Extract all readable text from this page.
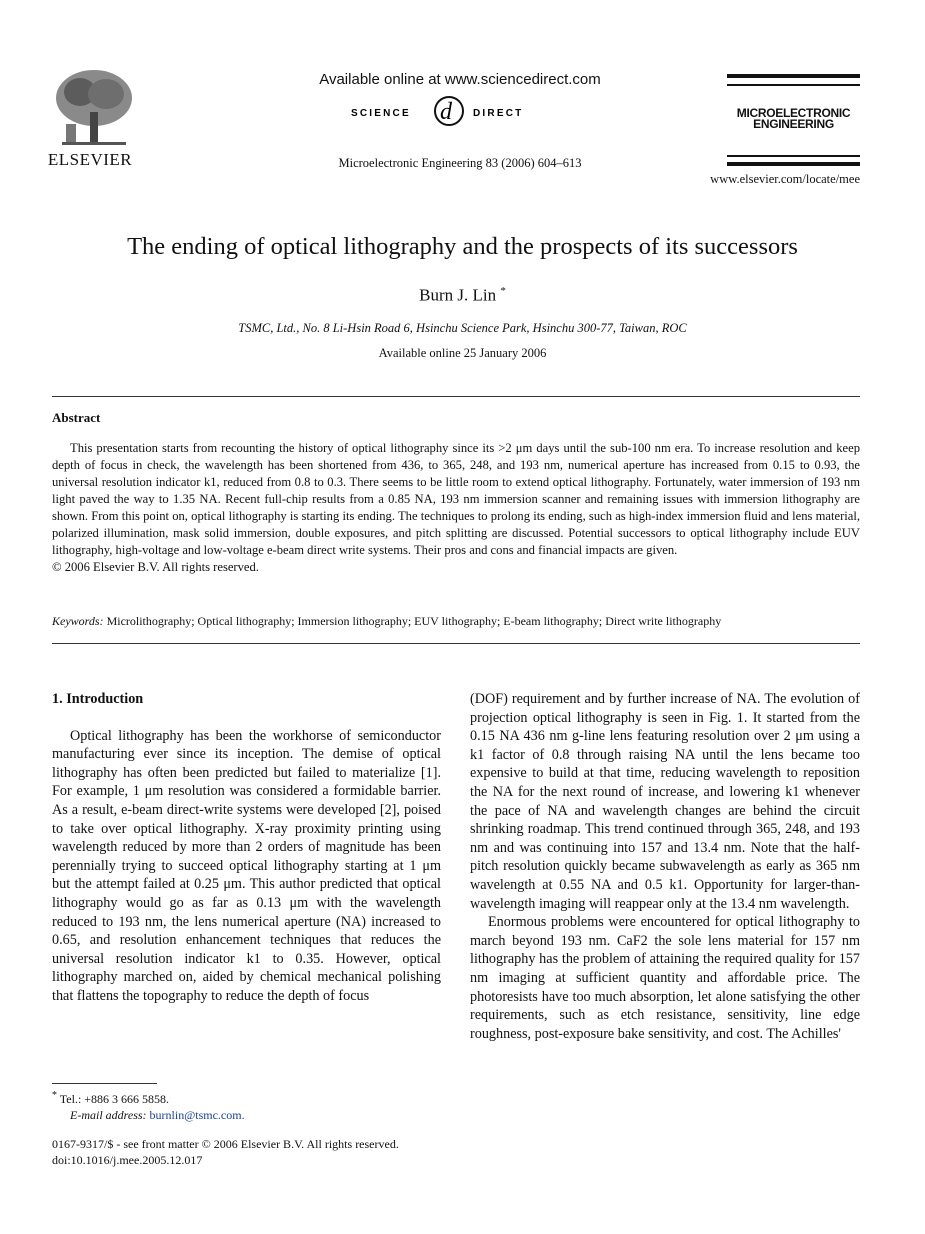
ELSEVIER
Available online at www.sciencedirect.com
SCIENCE d DIRECT
Microelectronic Engineering 83 (2006) 604–613
MICROELECTRONIC
ENGINEERING
www.elsevier.com/locate/mee
The ending of optical lithography and the prospects of its successors
Burn J. Lin *
TSMC, Ltd., No. 8 Li-Hsin Road 6, Hsinchu Science Park, Hsinchu 300-77, Taiwan, ROC
Available online 25 January 2006
Abstract

This presentation starts from recounting the history of optical lithography since its >2 μm days until the sub-100 nm era. To increase resolution and keep depth of focus in check, the wavelength has been shortened from 436, to 365, 248, and 193 nm, numerical aperture has increased from 0.15 to 0.93, the universal resolution indicator k1, reduced from 0.8 to 0.3. There seems to be little room to extend optical lithography. Fortunately, water immersion of 193 nm light paved the way to 1.35 NA. Recent full-chip results from a 0.85 NA, 193 nm immersion scanner and remaining issues with immersion lithography are shown. From this point on, optical lithography is starting its ending. The techniques to prolong its ending, such as high-index immersion fluid and lens material, polarized illumination, mask solid immersion, double exposures, and pitch splitting are discussed. Potential successors to optical lithography include EUV lithography, high-voltage and low-voltage e-beam direct write systems. Their pros and cons and financial impacts are given.

© 2006 Elsevier B.V. All rights reserved.

Keywords: Microlithography; Optical lithography; Immersion lithography; EUV lithography; E-beam lithography; Direct write lithography

1. Introduction

Optical lithography has been the workhorse of semiconductor manufacturing ever since its inception. The demise of optical lithography has often been predicted but failed to materialize [1]. For example, 1 μm resolution was considered a formidable barrier. As a result, e-beam direct-write systems were developed [2], poised to take over optical lithography. X-ray proximity printing using wavelength reduced by more than 2 orders of magnitude has been perennially trying to succeed optical lithography starting at 1 μm but the attempt failed at 0.25 μm. This author predicted that optical lithography would go as far as 0.13 μm with the wavelength reduced to 193 nm, the lens numerical aperture (NA) increased to 0.65, and resolution enhancement techniques that reduces the universal resolution indicator k1 to 0.35. However, optical lithography marched on, aided by chemical mechanical polishing that flattens the topography to reduce the depth of focus

(DOF) requirement and by further increase of NA. The evolution of projection optical lithography is seen in Fig. 1. It started from the 0.15 NA 436 nm g-line lens featuring resolution over 2 μm using a k1 factor of 0.8 through raising NA until the lens became too expensive to build at that time, reducing wavelength to reposition the NA for the next round of increase, and lowering k1 whenever the pace of NA and wavelength changes are behind the circuit shrinking roadmap. This trend continued through 365, 248, and 193 nm and was continuing into 157 and 13.4 nm. Note that the half-pitch resolution quickly became subwavelength as early as 365 nm wavelength at 0.55 NA and 0.5 k1. Opportunity for larger-than-wavelength imaging will reappear only at the 13.4 nm wavelength.

Enormous problems were encountered for optical lithography to march beyond 193 nm. CaF2 the sole lens material for 157 nm lithography has the problem of attaining the required quality for 157 nm imaging at sufficient quantity and affordable price. The photoresists have too much absorption, let alone satisfying the other requirements, such as etch resistance, sensitivity, line edge roughness, post-exposure bake sensitivity, and cost. The Achilles'

* Tel.: +886 3 666 5858.
E-mail address: burnlin@tsmc.com.
0167-9317/$ - see front matter © 2006 Elsevier B.V. All rights reserved.
doi:10.1016/j.mee.2005.12.017
